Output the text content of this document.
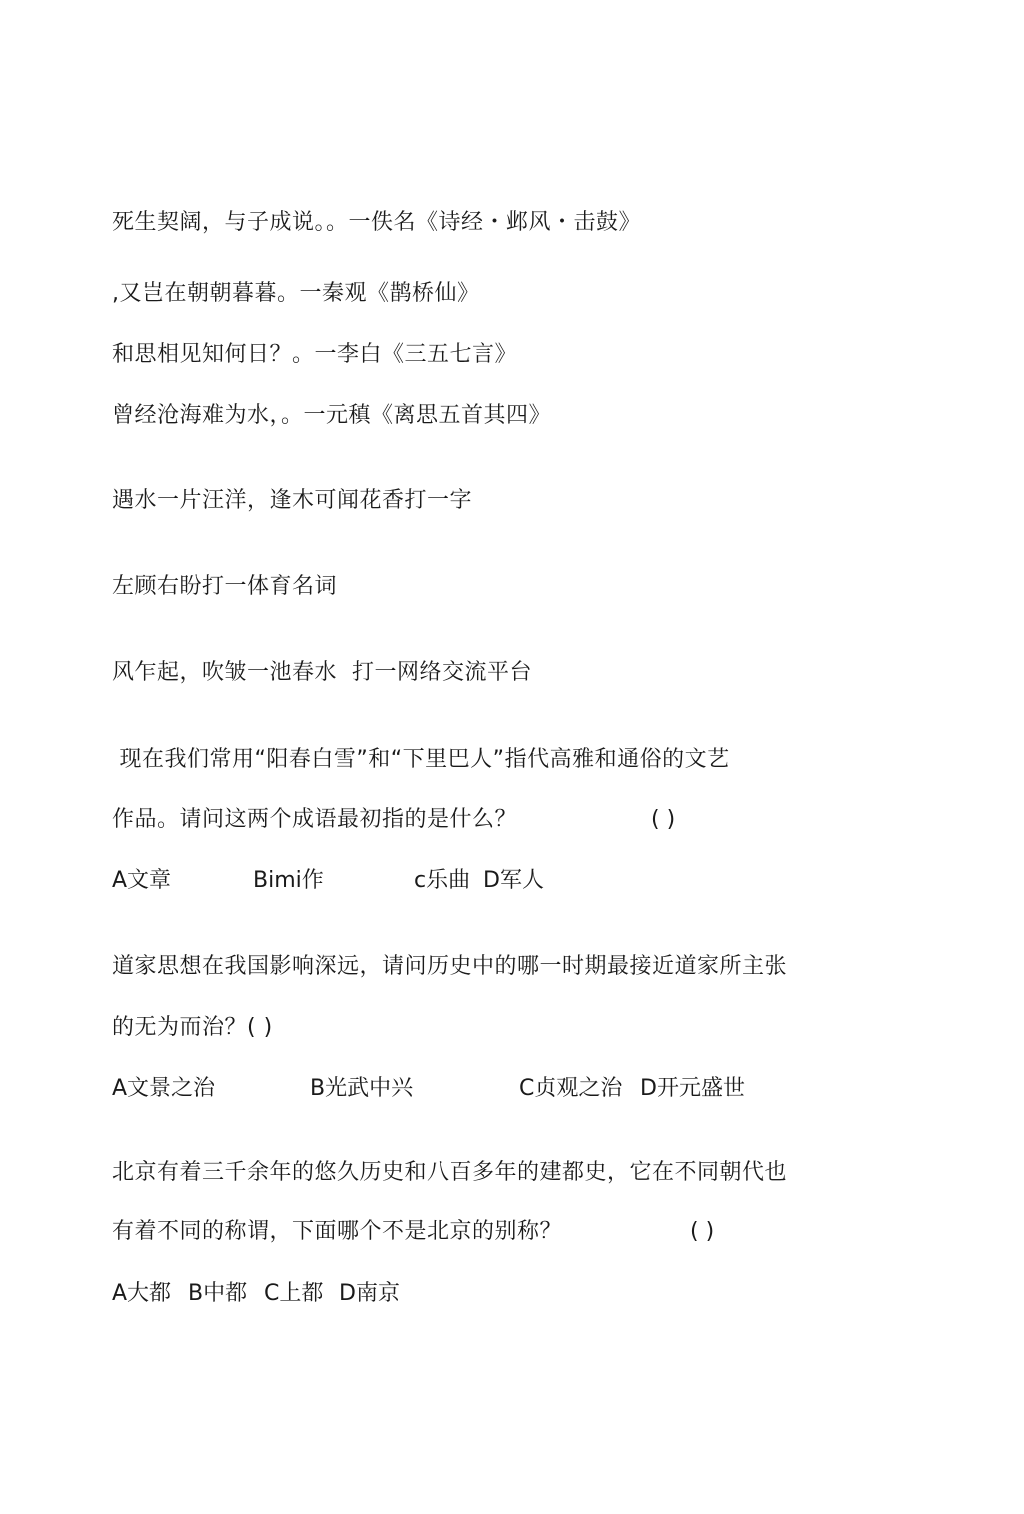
死生契阔，与子成说。。一佚名《诗经・邺风・击鼓》
,又岂在朝朝暮暮。一秦观《鹊桥仙》
和思相见知何日？。一李白《三五七言》
曾经沧海难为水，。一元稹《离思五首其四》
遇水一片汪洋，逢木可闻花香打一字
左顾右盼打一体育名词
风乍起，吹皱一池春水  打一网络交流平台
现在我们常用“阳春白雪”和“下里巴人”指代高雅和通俗的文艺
作品。请问这两个成语最初指的是什么？	( )
A文章	Bimi作	c乐曲 D军人
道家思想在我国影响深远，请问历史中的哪一时期最接近道家所主张
的无为而治？( )
A文景之治	B光武中兴	C贞观之治 D开元盛世
北京有着三千余年的悠久历史和八百多年的建都史，它在不同朝代也
有着不同的称谓，下面哪个不是北京的别称？	( )
A大都 B中都 C上都 D南京
